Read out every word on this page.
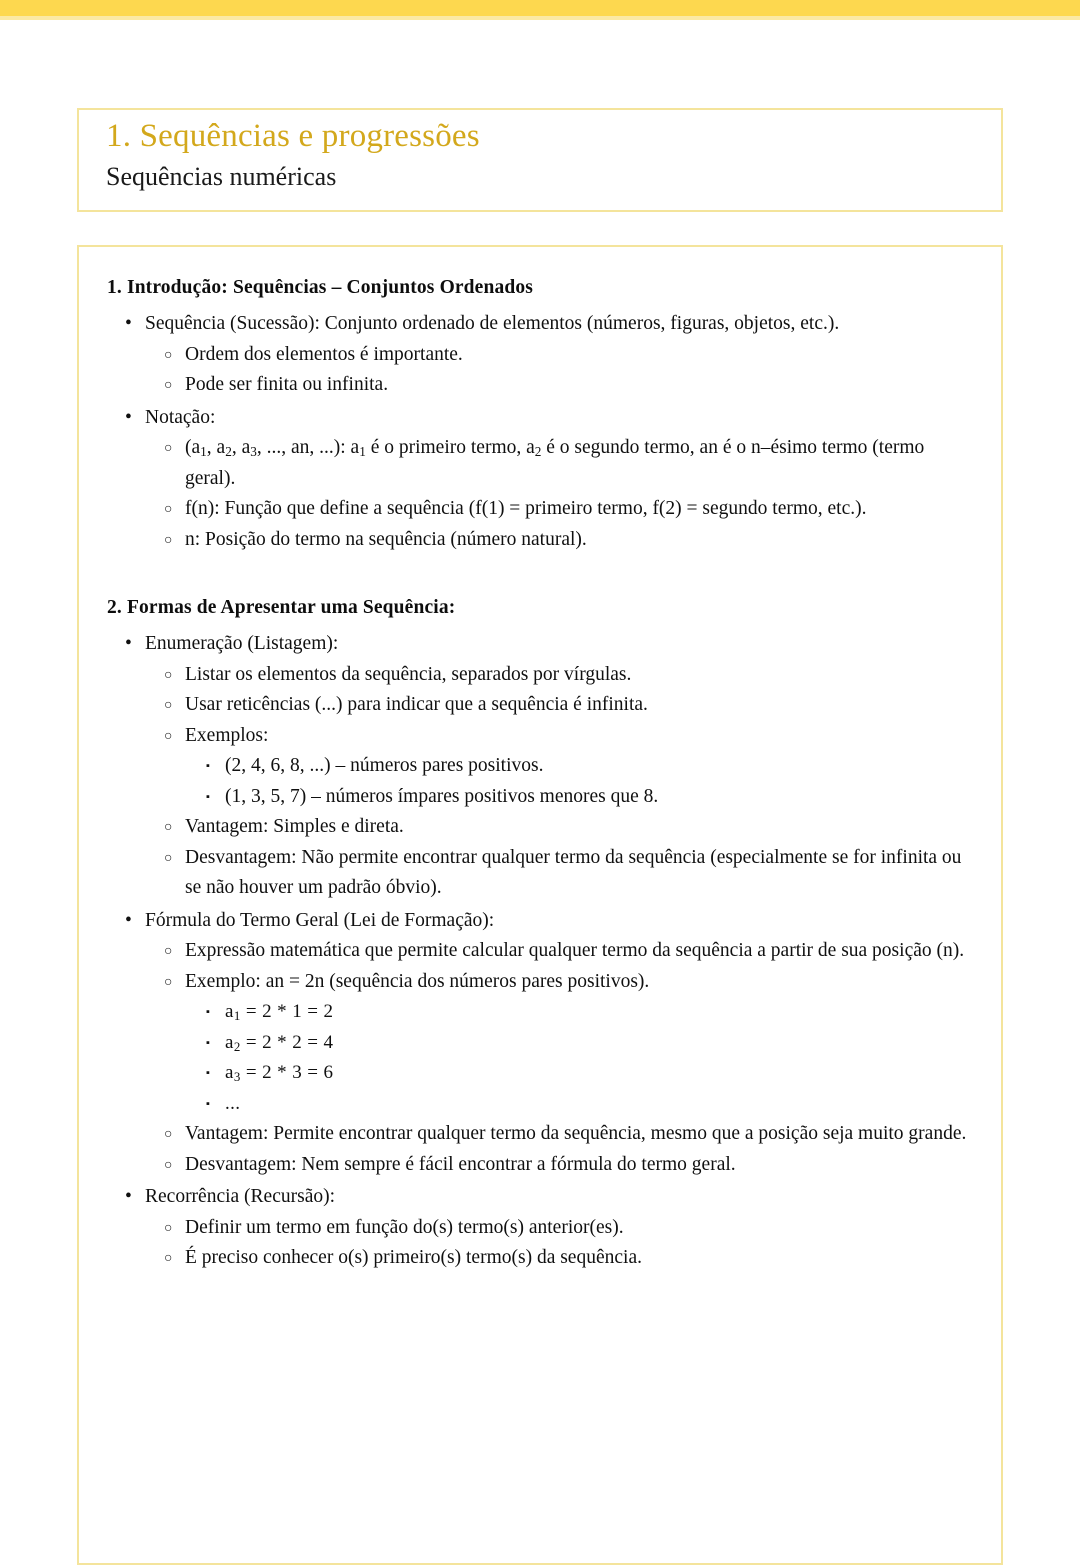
1. Sequências e progressões
Sequências numéricas
1. Introdução: Sequências – Conjuntos Ordenados
• Sequência (Sucessão): Conjunto ordenado de elementos (números, figuras, objetos, etc.).
○ Ordem dos elementos é importante.
○ Pode ser finita ou infinita.
• Notação:
○ ($a_1$, $a_2$, $a_3$, ..., an, ...): $a_1$ é o primeiro termo, $a_2$ é o segundo termo, an é o n–ésimo termo (termo geral).
○ f(n): Função que define a sequência (f(1) = primeiro termo, f(2) = segundo termo, etc.).
○ n: Posição do termo na sequência (número natural).
2. Formas de Apresentar uma Sequência:
• Enumeração (Listagem):
○ Listar os elementos da sequência, separados por vírgulas.
○ Usar reticências (...) para indicar que a sequência é infinita.
○ Exemplos:
▪ (2, 4, 6, 8, ...) – números pares positivos.
▪ (1, 3, 5, 7) – números ímpares positivos menores que 8.
○ Vantagem: Simples e direta.
○ Desvantagem: Não permite encontrar qualquer termo da sequência (especialmente se for infinita ou se não houver um padrão óbvio).
• Fórmula do Termo Geral (Lei de Formação):
○ Expressão matemática que permite calcular qualquer termo da sequência a partir de sua posição (n).
○ Exemplo: an = 2n (sequência dos números pares positivos).
▪ $a_1 = 2 * 1 = 2$
▪ $a_2 = 2 * 2 = 4$
▪ $a_3 = 2 * 3 = 6$
▪ ...
○ Vantagem: Permite encontrar qualquer termo da sequência, mesmo que a posição seja muito grande.
○ Desvantagem: Nem sempre é fácil encontrar a fórmula do termo geral.
• Recorrência (Recursão):
○ Definir um termo em função do(s) termo(s) anterior(es).
○ É preciso conhecer o(s) primeiro(s) termo(s) da sequência.
